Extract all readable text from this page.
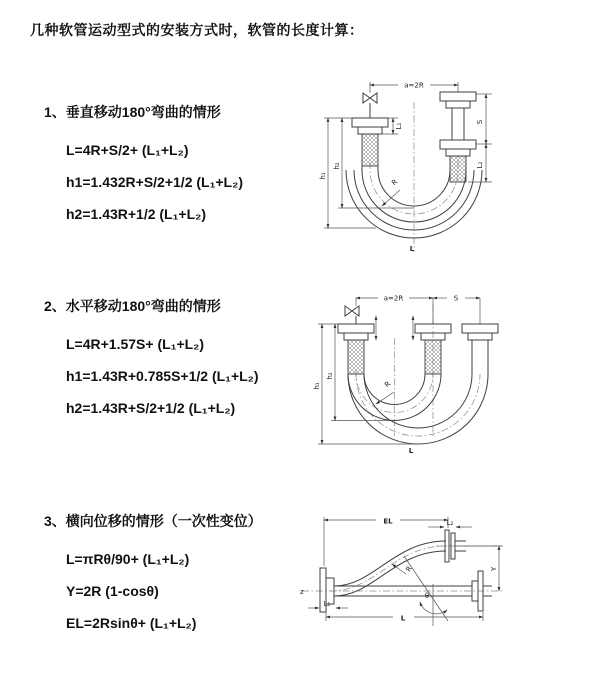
几种软管运动型式的安装方式时，软管的长度计算：
1、垂直移动180°弯曲的情形
L=4R+S/2+ (L₁+L₂)
h1=1.432R+S/2+1/2 (L₁+L₂)
h2=1.43R+1/2 (L₁+L₂)
2、水平移动180°弯曲的情形
L=4R+1.57S+ (L₁+L₂)
h1=1.43R+0.785S+1/2 (L₁+L₂)
h2=1.43R+S/2+1/2 (L₁+L₂)
3、横向位移的情形（一次性变位）
L=πRθ/90+ (L₁+L₂)
Y=2R (1-cosθ)
EL=2Rsinθ+ (L₁+L₂)
a=2R
S
L₂
h₁
h₂
L₁
R
L
a=2R	S
h₁
h₂
R
L
z
EL	L₂
Y
R
θ
L₁
L
